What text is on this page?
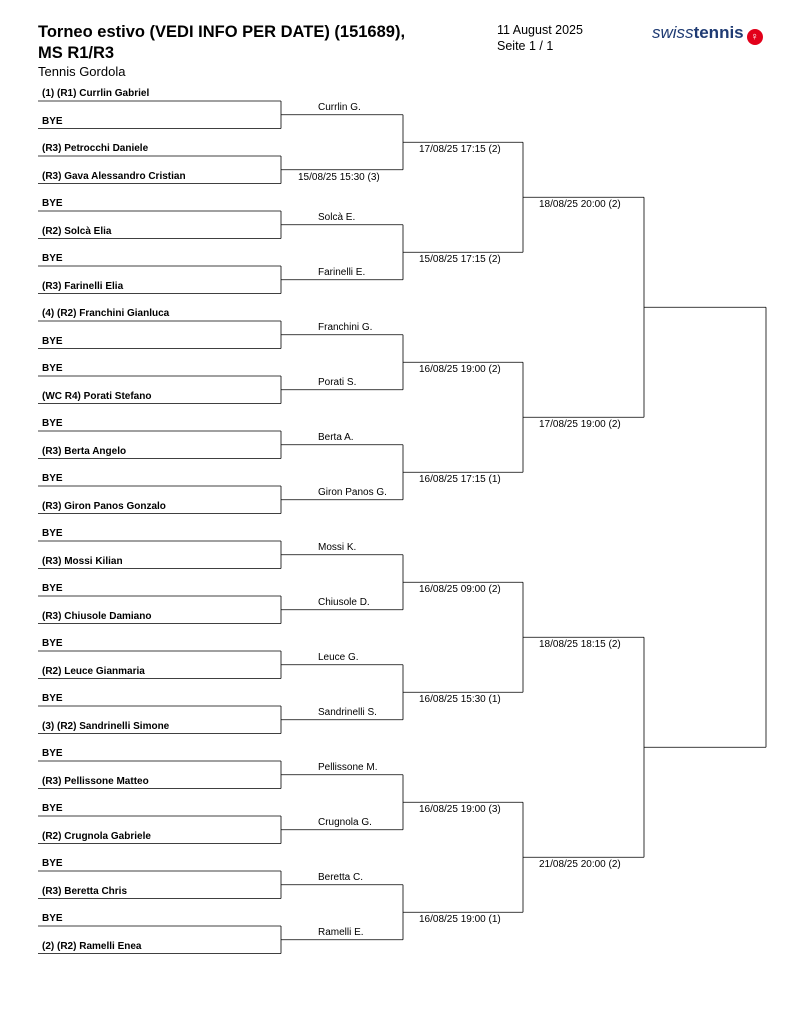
Torneo estivo (VEDI INFO PER DATE) (151689),
MS R1/R3
Tennis Gordola
11 August 2025
Seite 1 / 1
swisstennis ♀
(1) (R1) Currlin Gabriel
BYE
(R3) Petrocchi Daniele
(R3) Gava Alessandro Cristian
BYE
(R2) Solcà Elia
BYE
(R3) Farinelli Elia
(4) (R2) Franchini Gianluca
BYE
BYE
(WC R4) Porati Stefano
BYE
(R3) Berta Angelo
BYE
(R3) Giron Panos Gonzalo
BYE
(R3) Mossi Kilian
BYE
(R3) Chiusole Damiano
BYE
(R2) Leuce Gianmaria
BYE
(3) (R2) Sandrinelli Simone
BYE
(R3) Pellissone Matteo
BYE
(R2) Crugnola Gabriele
BYE
(R3) Beretta Chris
BYE
(2) (R2) Ramelli Enea
Currlin G.
15/08/25 15:30 (3)
Solcà E.
Farinelli E.
Franchini G.
Porati S.
Berta A.
Giron Panos G.
Mossi K.
Chiusole D.
Leuce G.
Sandrinelli S.
Pellissone M.
Crugnola G.
Beretta C.
Ramelli E.
17/08/25 17:15 (2)
15/08/25 17:15 (2)
16/08/25 19:00 (2)
16/08/25 17:15 (1)
16/08/25 09:00 (2)
16/08/25 15:30 (1)
16/08/25 19:00 (3)
16/08/25 19:00 (1)
18/08/25 20:00 (2)
17/08/25 19:00 (2)
18/08/25 18:15 (2)
21/08/25 20:00 (2)
